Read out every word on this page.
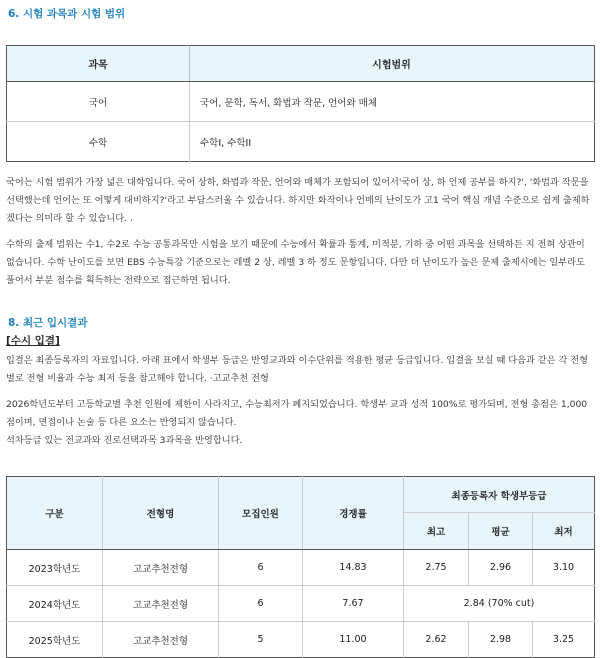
6. 시험 과목과 시험 범위
과목	시험범위
국어	국어, 문학, 독서, 화법과 작문, 언어와 매체
수학	수학I, 수학II

국어는 시험 범위가 가장 넓은 대학입니다. 국어 상하, 화법과 작문, 언어와 매체가 포함되어 있어서'국어 상, 하 언제 공부를 하지?', '화법과 작문을 선택했는데 언어는 또 어떻게 대비하지?'라고 부담스러울 수 있습니다. 하지만 화작이나 언매의 난이도가 고1 국어 핵심 개념 수준으로 쉽게 출제하겠다는 의미라 할 수 있습니다. .

수학의 출제 범위는 수1, 수2로 수능 공통과목만 시험을 보기 때문에 수능에서 확률과 통계, 미적분, 기하 중 어떤 과목을 선택하든 지 전혀 상관이 없습니다. 수학 난이도를 보면 EBS 수능특강 기준으로는 레벨 2 상, 레벨 3 하 정도 문항입니다. 다만 더 난이도가 높은 문제 출제시에는 일부라도 풀어서 부분 점수를 획득하는 전략으로 접근하면 됩니다.

8. 최근 입시결과
[수시 입결]

입결은 최종등록자의 자료입니다. 아래 표에서 학생부 등급은 반영교과와 이수단위를 적용한 평균 등급입니다. 입결을 보실 때 다음과 같은 각 전형별로 전형 비율과 수능 최저 등을 참고해야 합니다. ·고교추천 전형

2026학년도부터 고등학교별 추천 인원에 제한이 사라지고, 수능최저가 폐지되었습니다. 학생부 교과 성적 100%로 평가되며, 전형 총점은 1,000점이며, 면접이나 논술 등 다른 요소는 반영되지 않습니다.

석차등급 있는 전교과와 진로선택과목 3과목을 반영합니다.

구분	전형명	모집인원	경쟁률	최종등록자 학생부등급		
				최고	평균	최저
2023학년도	고교추천전형	6	14.83	2.75	2.96	3.10
2024학년도	고교추천전형	6	7.67	2.84 (70% cut)		
2025학년도	고교추천전형	5	11.00	2.62	2.98	3.25
